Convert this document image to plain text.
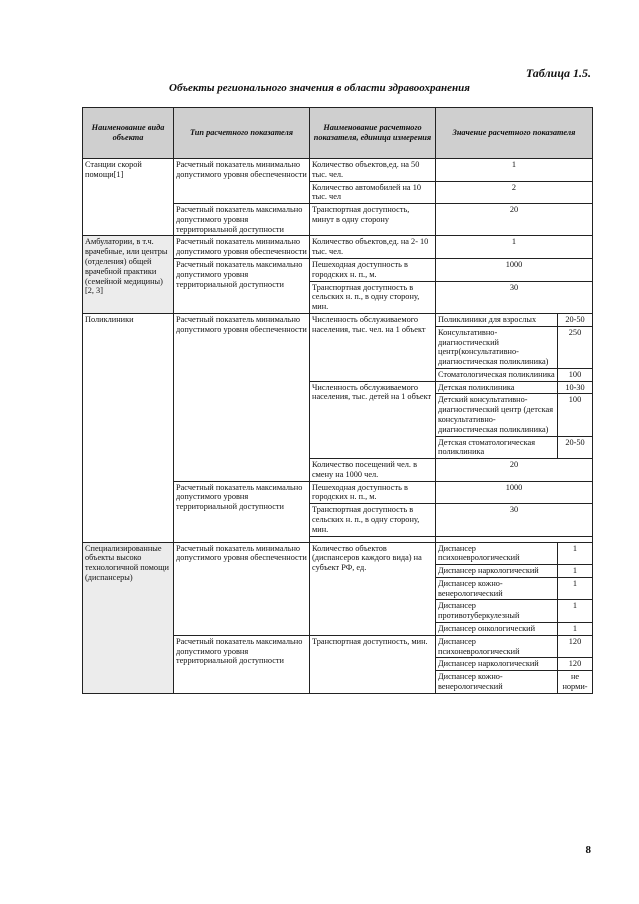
Таблица 1.5.
Объекты регионального значения в области здравоохранения
Наименование вида объекта	Тип расчетного показателя	Наименование расчетного показателя, единица измерения	Значение расчетного показателя	
Станции скорой помощи[1]	Расчетный показатель минимально допустимого уровня обеспеченности	Количество объектов,ед. на 50 тыс. чел.	1	
		Количество автомобилей на 10 тыс. чел	2	
	Расчетный показатель максимально допустимого уровня территориальной доступности	Транспортная доступность, минут в одну сторону	20	
Амбулатории, в т.ч. врачебные, или центры (отделения) общей врачебной практики (семейной медицины) [2, 3]	Расчетный показатель минимально допустимого уровня обеспеченности	Количество объектов,ед. на 2- 10 тыс. чел.	1	
	Расчетный показатель максимально допустимого уровня территориальной доступности	Пешеходная доступность в городских н. п., м.	1000	
		Транспортная доступность в сельских н. п., в одну сторону, мин.	30	
Поликлиники	Расчетный показатель минимально допустимого уровня обеспеченности	Численность обслуживаемого населения, тыс. чел. на 1 объект	Поликлиники для взрослых	20-50
			Консультативно-диагностический центр(консультативно-диагностическая поликлиника)	250
			Стоматологическая поликлиника	100
		Численность обслуживаемого населения, тыс. детей на 1 объект	Детская поликлиника	10-30
			Детский консультативно-диагностический центр (детская консультативно-диагностическая поликлиника)	100
			Детская стоматологическая поликлиника	20-50
		Количество посещений чел. в смену на 1000 чел.	20	
	Расчетный показатель максимально допустимого уровня территориальной доступности	Пешеходная доступность в городских н. п., м.	1000	
		Транспортная доступность в сельских н. п., в одну сторону, мин.	30	

Специализированные объекты высоко технологичной помощи (диспансеры)	Расчетный показатель минимально допустимого уровня обеспеченности	Количество объектов (диспансеров каждого вида) на субъект РФ, ед.	Диспансер психоневрологический	1
			Диспансер наркологический	1
			Диспансер кожно-венерологический	1
			Диспансер противотуберкулезный	1
			Диспансер онкологический	1
	Расчетный показатель максимально допустимого уровня территориальной доступности	Транспортная доступность, мин.	Диспансер психоневрологический	120
			Диспансер наркологический	120
			Диспансер кожно-венерологический	не норми-
8
